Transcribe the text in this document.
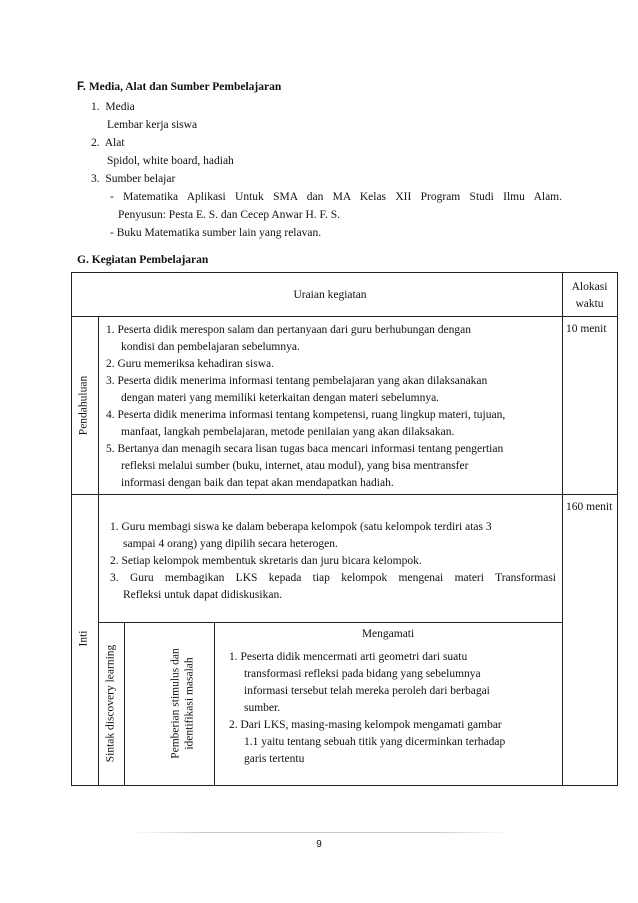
F. Media, Alat dan Sumber Pembelajaran
1. Media
Lembar kerja siswa
2. Alat
Spidol, white board, hadiah
3. Sumber belajar
- Matematika Aplikasi Untuk SMA dan MA Kelas XII Program Studi Ilmu Alam.
Penyusun: Pesta E. S. dan Cecep Anwar H. F. S.
- Buku Matematika sumber lain yang relavan.
G. Kegiatan Pembelajaran
Uraian kegiatan
Alokasi
waktu
Pendahuluan
10 menit
1. Peserta didik merespon salam dan pertanyaan dari guru berhubungan dengan
kondisi dan pembelajaran sebelumnya.
2. Guru memeriksa kehadiran siswa.
3. Peserta didik menerima informasi tentang pembelajaran yang akan dilaksanakan
dengan materi yang memiliki keterkaitan dengan materi sebelumnya.
4. Peserta didik menerima informasi tentang kompetensi, ruang lingkup materi, tujuan,
manfaat, langkah pembelajaran, metode penilaian yang akan dilaksakan.
5. Bertanya dan menagih secara lisan tugas baca mencari informasi tentang pengertian
refleksi melalui sumber (buku, internet, atau modul), yang bisa mentransfer
informasi dengan baik dan tepat akan mendapatkan hadiah.
Inti
160 menit
1. Guru membagi siswa ke dalam beberapa kelompok (satu kelompok terdiri atas 3
sampai 4 orang) yang dipilih secara heterogen.
2. Setiap kelompok membentuk skretaris dan juru bicara kelompok.
3. Guru membagikan LKS kepada tiap kelompok mengenai materi Transformasi
Refleksi untuk dapat didiskusikan.
Sintak discovery learning	Pemberian stimulus dan identifikasi masalah
Mengamati
1. Peserta didik mencermati arti geometri dari suatu
transformasi refleksi pada bidang yang sebelumnya
informasi tersebut telah mereka peroleh dari berbagai
sumber.
2. Dari LKS, masing-masing kelompok mengamati gambar
1.1 yaitu tentang sebuah titik yang dicerminkan terhadap
garis tertentu
9
